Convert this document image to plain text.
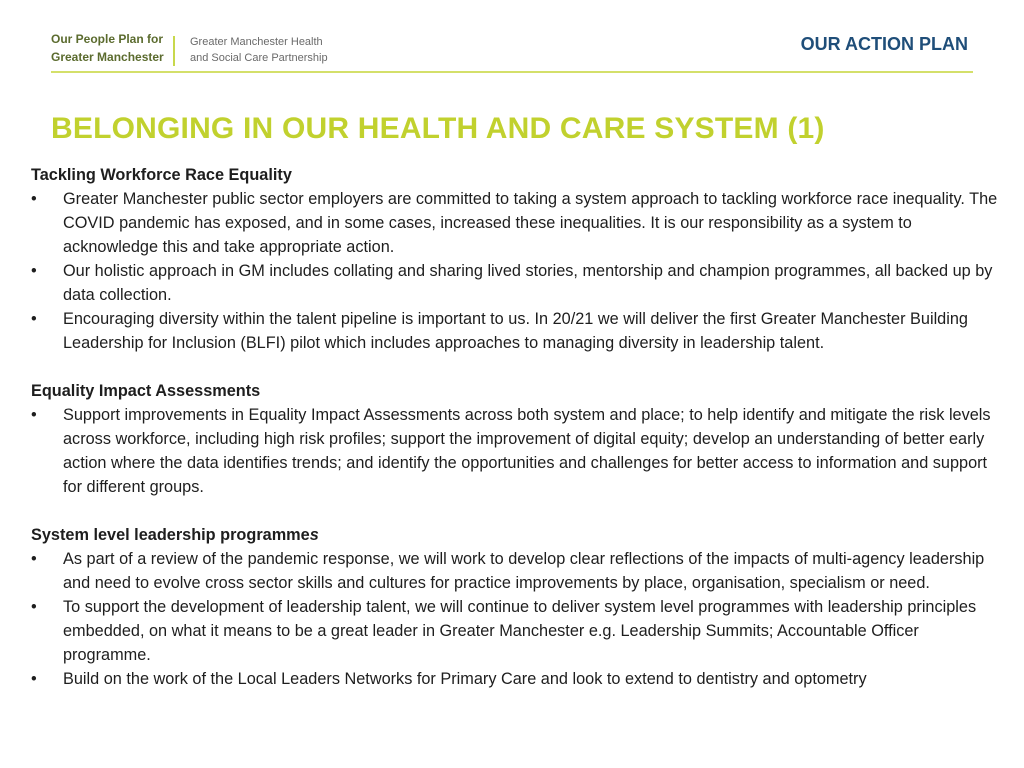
Our People Plan for
Greater Manchester
Greater Manchester Health
and Social Care Partnership
OUR ACTION PLAN
BELONGING IN OUR HEALTH AND CARE SYSTEM (1)
Tackling Workforce Race Equality
•	Greater Manchester public sector employers are committed to taking a system approach to tackling workforce race inequality. The COVID pandemic has exposed, and in some cases, increased these inequalities. It is our responsibility as a system to acknowledge this and take appropriate action.
•	Our holistic approach in GM includes collating and sharing lived stories, mentorship and champion programmes, all backed up by data collection.
•	Encouraging diversity within the talent pipeline is important to us. In 20/21 we will deliver the first Greater Manchester Building Leadership for Inclusion (BLFI) pilot which includes approaches to managing diversity in leadership talent.
Equality Impact Assessments
•	Support improvements in Equality Impact Assessments across both system and place; to help identify and mitigate the risk levels across workforce, including high risk profiles; support the improvement of digital equity; develop an understanding of better early action where the data identifies trends; and identify the opportunities and challenges for better access to information and support for different groups.
System level leadership programmes
•	As part of a review of the pandemic response, we will work to develop clear reflections of the impacts of multi-agency leadership and need to evolve cross sector skills and cultures for practice improvements by place, organisation, specialism or need.
•	To support the development of leadership talent, we will continue to deliver system level programmes with leadership principles embedded, on what it means to be a great leader in Greater Manchester e.g. Leadership Summits; Accountable Officer programme.
•	Build on the work of the Local Leaders Networks for Primary Care and look to extend to dentistry and optometry
